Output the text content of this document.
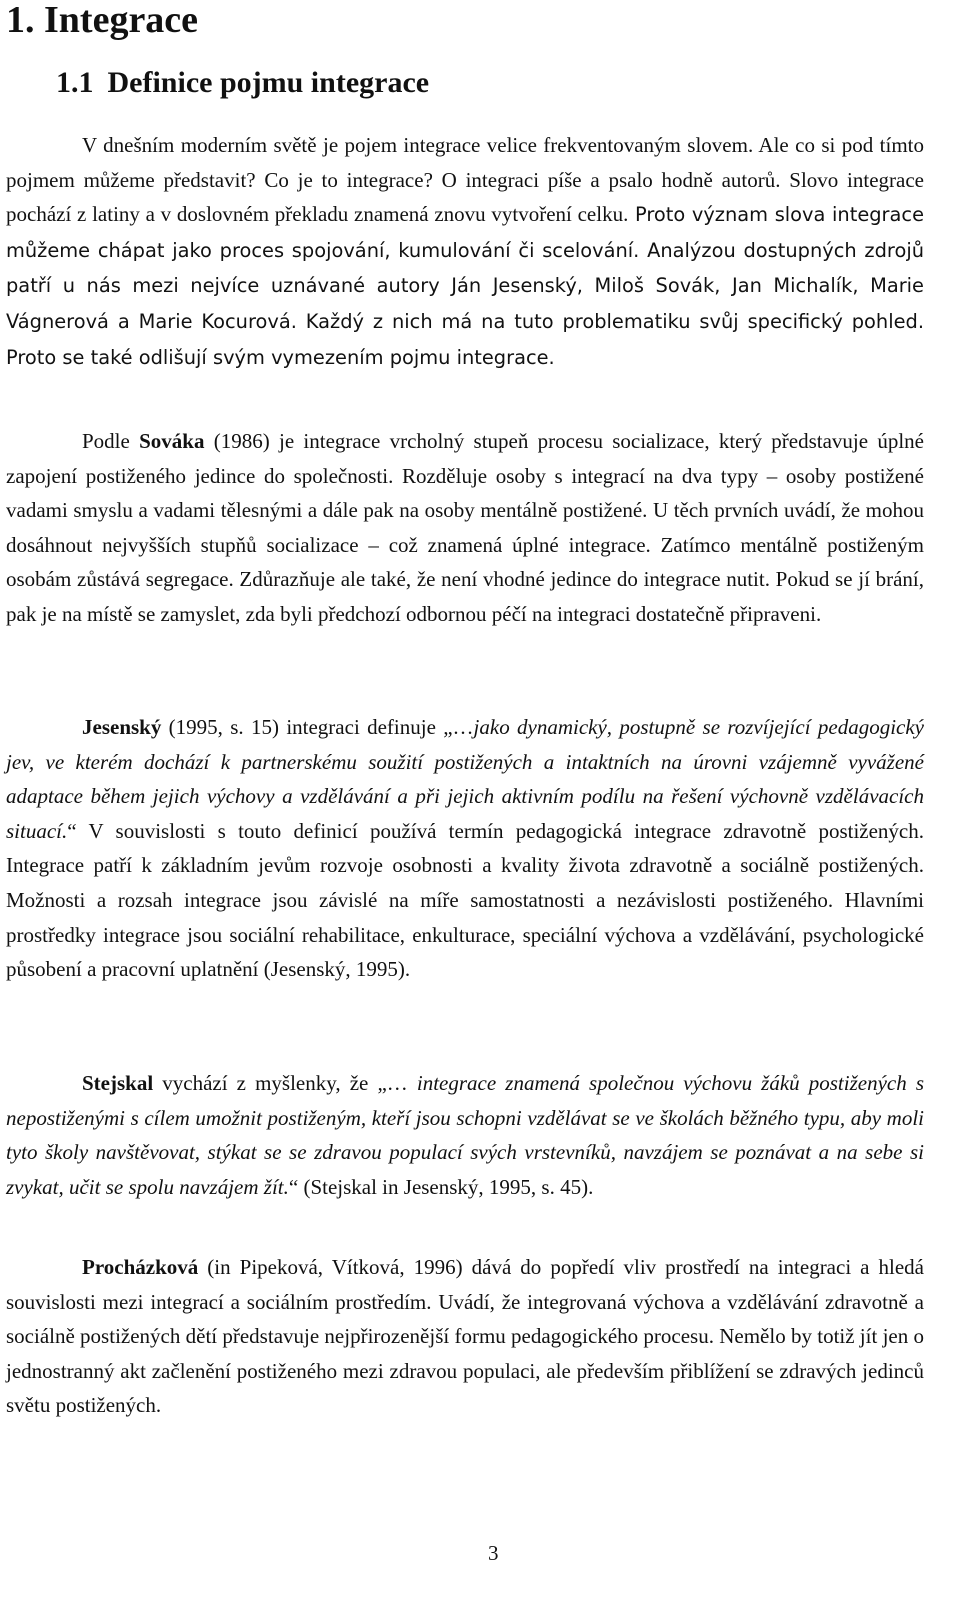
1. Integrace
1.1 Definice pojmu integrace

V dnešním moderním světě je pojem integrace velice frekventovaným slovem. Ale co si pod tímto pojmem můžeme představit? Co je to integrace? O integraci píše a psalo hodně autorů. Slovo integrace pochází z latiny a v doslovném překladu znamená znovu vytvoření celku. Proto význam slova integrace můžeme chápat jako proces spojování, kumulování či scelování. Analýzou dostupných zdrojů patří u nás mezi nejvíce uznávané autory Ján Jesenský, Miloš Sovák, Jan Michalík, Marie Vágnerová a Marie Kocurová. Každý z nich má na tuto problematiku svůj specifický pohled. Proto se také odlišují svým vymezením pojmu integrace.

Podle Sováka (1986) je integrace vrcholný stupeň procesu socializace, který představuje úplné zapojení postiženého jedince do společnosti. Rozděluje osoby s integrací na dva typy – osoby postižené vadami smyslu a vadami tělesnými a dále pak na osoby mentálně postižené. U těch prvních uvádí, že mohou dosáhnout nejvyšších stupňů socializace – což znamená úplné integrace. Zatímco mentálně postiženým osobám zůstává segregace. Zdůrazňuje ale také, že není vhodné jedince do integrace nutit. Pokud se jí brání, pak je na místě se zamyslet, zda byli předchozí odbornou péčí na integraci dostatečně připraveni.

Jesenský (1995, s. 15) integraci definuje „…jako dynamický, postupně se rozvíjející pedagogický jev, ve kterém dochází k partnerskému soužití postižených a intaktních na úrovni vzájemně vyvážené adaptace během jejich výchovy a vzdělávání a při jejich aktivním podílu na řešení výchovně vzdělávacích situací.“ V souvislosti s touto definicí používá termín pedagogická integrace zdravotně postižených. Integrace patří k základním jevům rozvoje osobnosti a kvality života zdravotně a sociálně postižených. Možnosti a rozsah integrace jsou závislé na míře samostatnosti a nezávislosti postiženého. Hlavními prostředky integrace jsou sociální rehabilitace, enkulturace, speciální výchova a vzdělávání, psychologické působení a pracovní uplatnění (Jesenský, 1995).

Stejskal vychází z myšlenky, že „… integrace znamená společnou výchovu žáků postižených s nepostiženými s cílem umožnit postiženým, kteří jsou schopni vzdělávat se ve školách běžného typu, aby moli tyto školy navštěvovat, stýkat se se zdravou populací svých vrstevníků, navzájem se poznávat a na sebe si zvykat, učit se spolu navzájem žít.“ (Stejskal in Jesenský, 1995, s. 45).

Procházková (in Pipeková, Vítková, 1996) dává do popředí vliv prostředí na integraci a hledá souvislosti mezi integrací a sociálním prostředím. Uvádí, že integrovaná výchova a vzdělávání zdravotně a sociálně postižených dětí představuje nejpřirozenější formu pedagogického procesu. Nemělo by totiž jít jen o jednostranný akt začlenění postiženého mezi zdravou populaci, ale především přiblížení se zdravých jedinců světu postižených.

3
